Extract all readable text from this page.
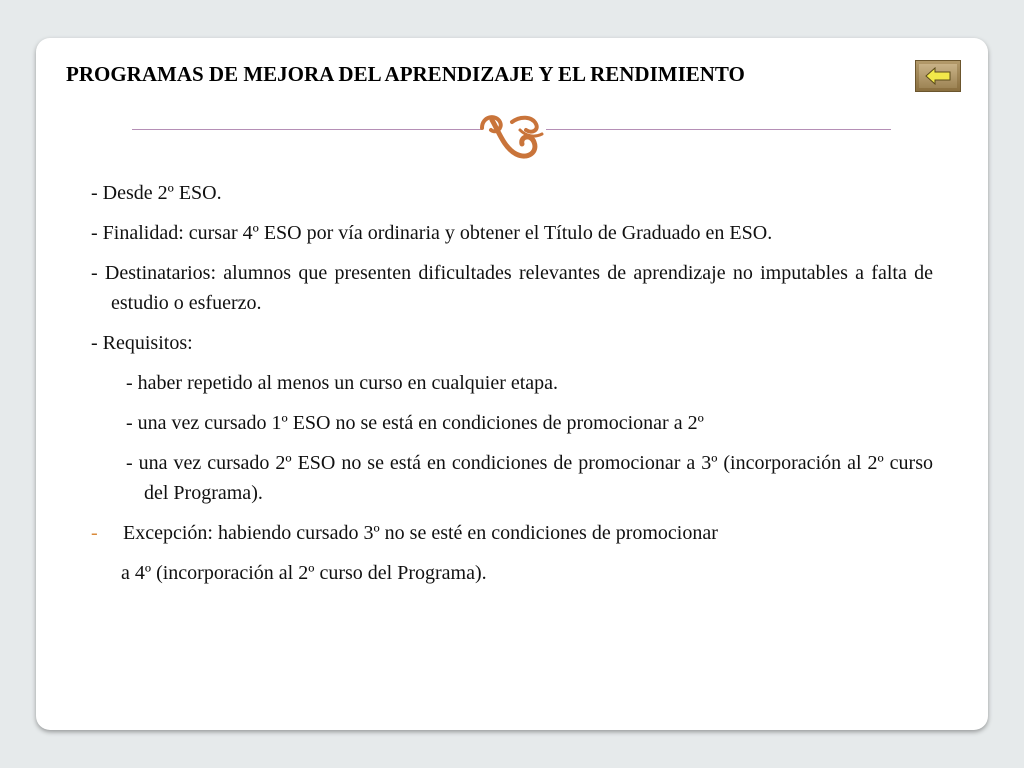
PROGRAMAS DE MEJORA DEL APRENDIZAJE Y EL RENDIMIENTO
- Desde 2º ESO.
- Finalidad: cursar 4º ESO por vía ordinaria y obtener el Título de Graduado en ESO.
- Destinatarios: alumnos que presenten dificultades relevantes de aprendizaje no imputables a falta de estudio o esfuerzo.
- Requisitos:
- haber repetido al menos un curso en cualquier etapa.
- una vez cursado 1º ESO no se está en condiciones de promocionar a 2º
- una vez cursado 2º ESO no se está en condiciones de promocionar a 3º (incorporación al 2º curso del Programa).
- Excepción: habiendo cursado 3º no se esté en condiciones de promocionar
a 4º (incorporación al 2º curso del Programa).
